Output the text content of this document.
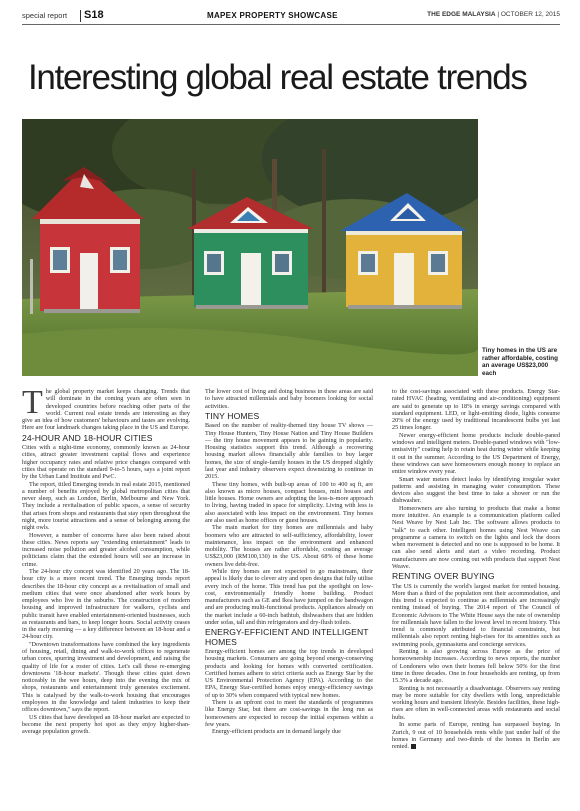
special report S18	MAPEX PROPERTY SHOWCASE	THE EDGE MALAYSIA | OCTOBER 12, 2015
Interesting global real estate trends
Tiny homes in the US are rather affordable, costing an average US$23,000 each

The global property market keeps changing. Trends that will dominate in the coming years are often seen in developed countries before reaching other parts of the world. Current real estate trends are interesting as they give an idea of how customers' behaviours and tastes are evolving. Here are four landmark changes taking place in the US and Europe.

24-HOUR AND 18-HOUR CITIES

Cities with a night-time economy, commonly known as 24-hour cities, attract greater investment capital flows and experience higher occupancy rates and relative price changes compared with cities that operate on the standard 9-to-5 hours, says a joint report by the Urban Land Institute and PwC.

The report, titled Emerging trends in real estate 2015, mentioned a number of benefits enjoyed by global metropolitan cities that never sleep, such as London, Berlin, Melbourne and New York. They include a revitalisation of public spaces, a sense of security that arises from shops and restaurants that stay open throughout the night, more tourist attractions and a sense of belonging among the night owls.

However, a number of concerns have also been raised about these cities. News reports say "extending entertainment" leads to increased noise pollution and greater alcohol consumption, while politicians claim that the extended hours will see an increase in crime.

The 24-hour city concept was identified 20 years ago. The 18-hour city is a more recent trend. The Emerging trends report describes the 18-hour city concept as a revitalisation of small and medium cities that were once abandoned after work hours by employees who live in the suburbs. The construction of modern housing and improved infrastructure for walkers, cyclists and public transit have enabled entertainment-oriented businesses, such as restaurants and bars, to keep longer hours. Social activity ceases in the early morning — a key difference between an 18-hour and a 24-hour city.

"Downtown transformations have combined the key ingredients of housing, retail, dining and walk-to-work offices to regenerate urban cores, spurring investment and development, and raising the quality of life for a roster of cities. Let's call these re-emerging downtowns '18-hour markets'. Though these cities quiet down noticeably in the wee hours, deep into the evening the mix of shops, restaurants and entertainment truly generates excitement. This is catalysed by the walk-to-work housing that encourages employees in the knowledge and talent industries to keep their offices downtown," says the report.

US cities that have developed an 18-hour market are expected to become the next property hot spot as they enjoy higher-than-average population growth.

The lower cost of living and doing business in these areas are said to have attracted millennials and baby boomers looking for social activities.

TINY HOMES

Based on the number of reality-themed tiny house TV shows — Tiny House Hunters, Tiny House Nation and Tiny House Builders — the tiny house movement appears to be gaining in popularity. Housing statistics support this trend. Although a recovering housing market allows financially able families to buy larger homes, the size of single-family houses in the US dropped slightly last year and industry observers expect downsizing to continue in 2015.

These tiny homes, with built-up areas of 100 to 400 sq ft, are also known as micro houses, compact houses, mini houses and little houses. Home owners are adopting the less-is-more approach to living, having traded in space for simplicity. Living with less is also associated with less impact on the environment. Tiny homes are also used as home offices or guest houses.

The main market for tiny homes are millennials and baby boomers who are attracted to self-sufficiency, affordability, lower maintenance, less impact on the environment and enhanced mobility. The houses are rather affordable, costing an average US$23,000 (RM100,130) in the US. About 68% of these home owners live debt-free.

While tiny homes are not expected to go mainstream, their appeal is likely due to clever airy and open designs that fully utilise every inch of the home. This trend has put the spotlight on low-cost, environmentally friendly home building. Product manufacturers such as GE and Ikea have jumped on the bandwagon and are producing multi-functional products. Appliances already on the market include a 60-inch bathtub, dishwashers that are hidden under sofas, tall and thin refrigerators and dry-flush toilets.

ENERGY-EFFICIENT AND INTELLIGENT HOMES

Energy-efficient homes are among the top trends in developed housing markets. Consumers are going beyond energy-conserving products and looking for homes with converted certification. Certified homes adhere to strict criteria such as Energy Star by the US Environmental Protection Agency (EPA). According to the EPA, Energy Star-certified homes enjoy energy-efficiency savings of up to 30% when compared with typical new homes.

There is an upfront cost to meet the standards of programmes like Energy Star, but there are cost-savings in the long run as homeowners are expected to recoup the initial expenses within a few years.

Energy-efficient products are in demand largely due

to the cost-savings associated with these products. Energy Star-rated HVAC (heating, ventilating and air-conditioning) equipment are said to generate up to 18% in energy savings compared with standard equipment. LED, or light-emitting diode, lights consume 20% of the energy used by traditional incandescent bulbs yet last 25 times longer.

Newer energy-efficient home products include double-paned windows and intelligent meters. Double-paned windows with "low-emissivity" coating help to retain heat during winter while keeping it out in the summer. According to the US Department of Energy, these windows can save homeowners enough money to replace an entire window every year.

Smart water meters detect leaks by identifying irregular water patterns and assisting in managing water consumption. These devices also suggest the best time to take a shower or run the dishwasher.

Homeowners are also turning to products that make a home more intuitive. An example is a communication platform called Nest Weave by Nest Lab Inc. The software allows products to "talk" to each other. Intelligent homes using Nest Weave can programme a camera to switch on the lights and lock the doors when movement is detected and no one is supposed to be home. It can also send alerts and start a video recording. Product manufacturers are now coming out with products that support Nest Weave.

RENTING OVER BUYING

The US is currently the world's largest market for rented housing. More than a third of the population rent their accommodation, and this trend is expected to continue as millennials are increasingly renting instead of buying. The 2014 report of The Council of Economic Advisors to The White House says the rate of ownership for millennials have fallen to the lowest level in recent history. This trend is commonly attributed to financial constraints, but millennials also report renting high-rises for its amenities such as swimming pools, gymnasiums and concierge services.

Renting is also growing across Europe as the price of homeownership increases. According to news reports, the number of Londoners who own their homes fell below 50% for the first time in three decades. One in four households are renting, up from 15.3% a decade ago.

Renting is not necessarily a disadvantage. Observers say renting may be more suitable for city dwellers with long, unpredictable working hours and transient lifestyle. Besides facilities, these high-rises are often in well-connected areas with restaurants and social hubs.

In some parts of Europe, renting has surpassed buying. In Zurich, 9 out of 10 households rents while just under half of the homes in Germany and two-thirds of the homes in Berlin are rented.
